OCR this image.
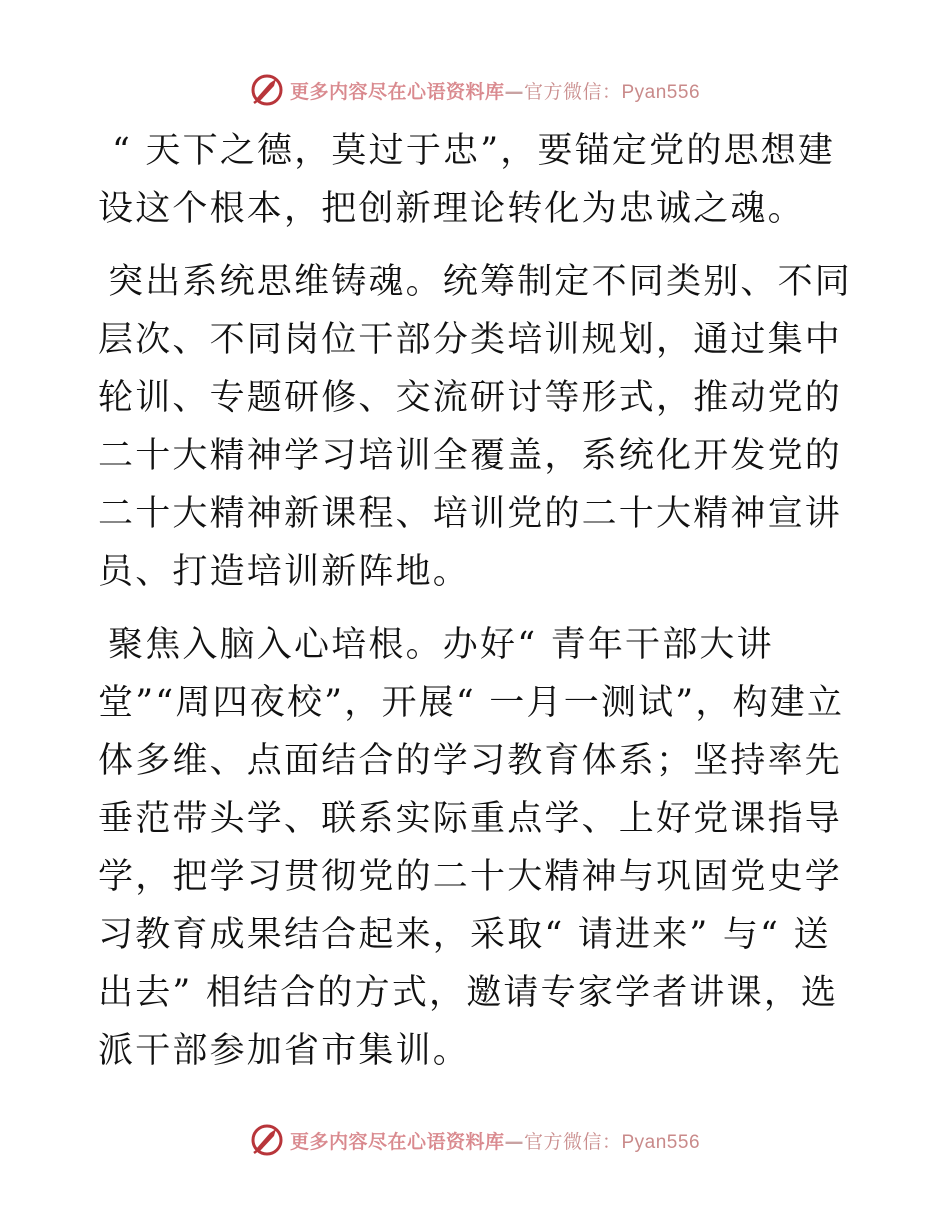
更多内容尽在心语资料库—官方微信：Pyan556

“ 天下之德，莫过于忠”，要锚定党的思想建设这个根本，把创新理论转化为忠诚之魂。

突出系统思维铸魂。统筹制定不同类别、不同层次、不同岗位干部分类培训规划，通过集中轮训、专题研修、交流研讨等形式，推动党的二十大精神学习培训全覆盖，系统化开发党的二十大精神新课程、培训党的二十大精神宣讲员、打造培训新阵地。

聚焦入脑入心培根。办好“ 青年干部大讲堂”“周四夜校”，开展“ 一月一测试”，构建立体多维、点面结合的学习教育体系；坚持率先垂范带头学、联系实际重点学、上好党课指导学，把学习贯彻党的二十大精神与巩固党史学习教育成果结合起来，采取“ 请进来” 与“ 送出去” 相结合的方式，邀请专家学者讲课，选派干部参加省市集训。

更多内容尽在心语资料库—官方微信：Pyan556
